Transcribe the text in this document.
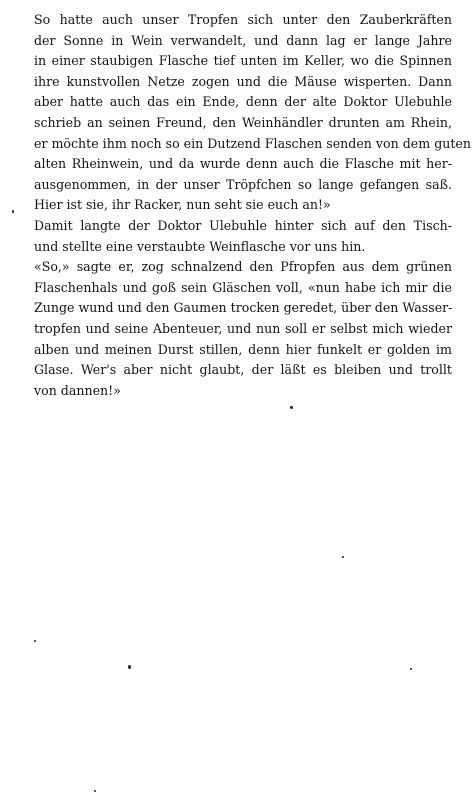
So hatte auch unser Tropfen sich unter den Zauberkräften
der Sonne in Wein verwandelt, und dann lag er lange Jahre
in einer staubigen Flasche tief unten im Keller, wo die Spinnen
ihre kunstvollen Netze zogen und die Mäuse wisperten. Dann
aber hatte auch das ein Ende, denn der alte Doktor Ulebuhle
schrieb an seinen Freund, den Weinhändler drunten am Rhein,
er möchte ihm noch so ein Dutzend Flaschen senden von dem guten
alten Rheinwein, und da wurde denn auch die Flasche mit her-
ausgenommen, in der unser Tröpfchen so lange gefangen saß.
Hier ist sie, ihr Racker, nun seht sie euch an!»

Damit langte der Doktor Ulebuhle hinter sich auf den Tisch-
und stellte eine verstaubte Weinflasche vor uns hin.

«So,» sagte er, zog schnalzend den Pfropfen aus dem grünen
Flaschenhals und goß sein Gläschen voll, «nun habe ich mir die
Zunge wund und den Gaumen trocken geredet, über den Wasser-
tropfen und seine Abenteuer, und nun soll er selbst mich wieder
alben und meinen Durst stillen, denn hier funkelt er golden im
Glase. Wer's aber nicht glaubt, der läßt es bleiben und trollt
von dannen!»
